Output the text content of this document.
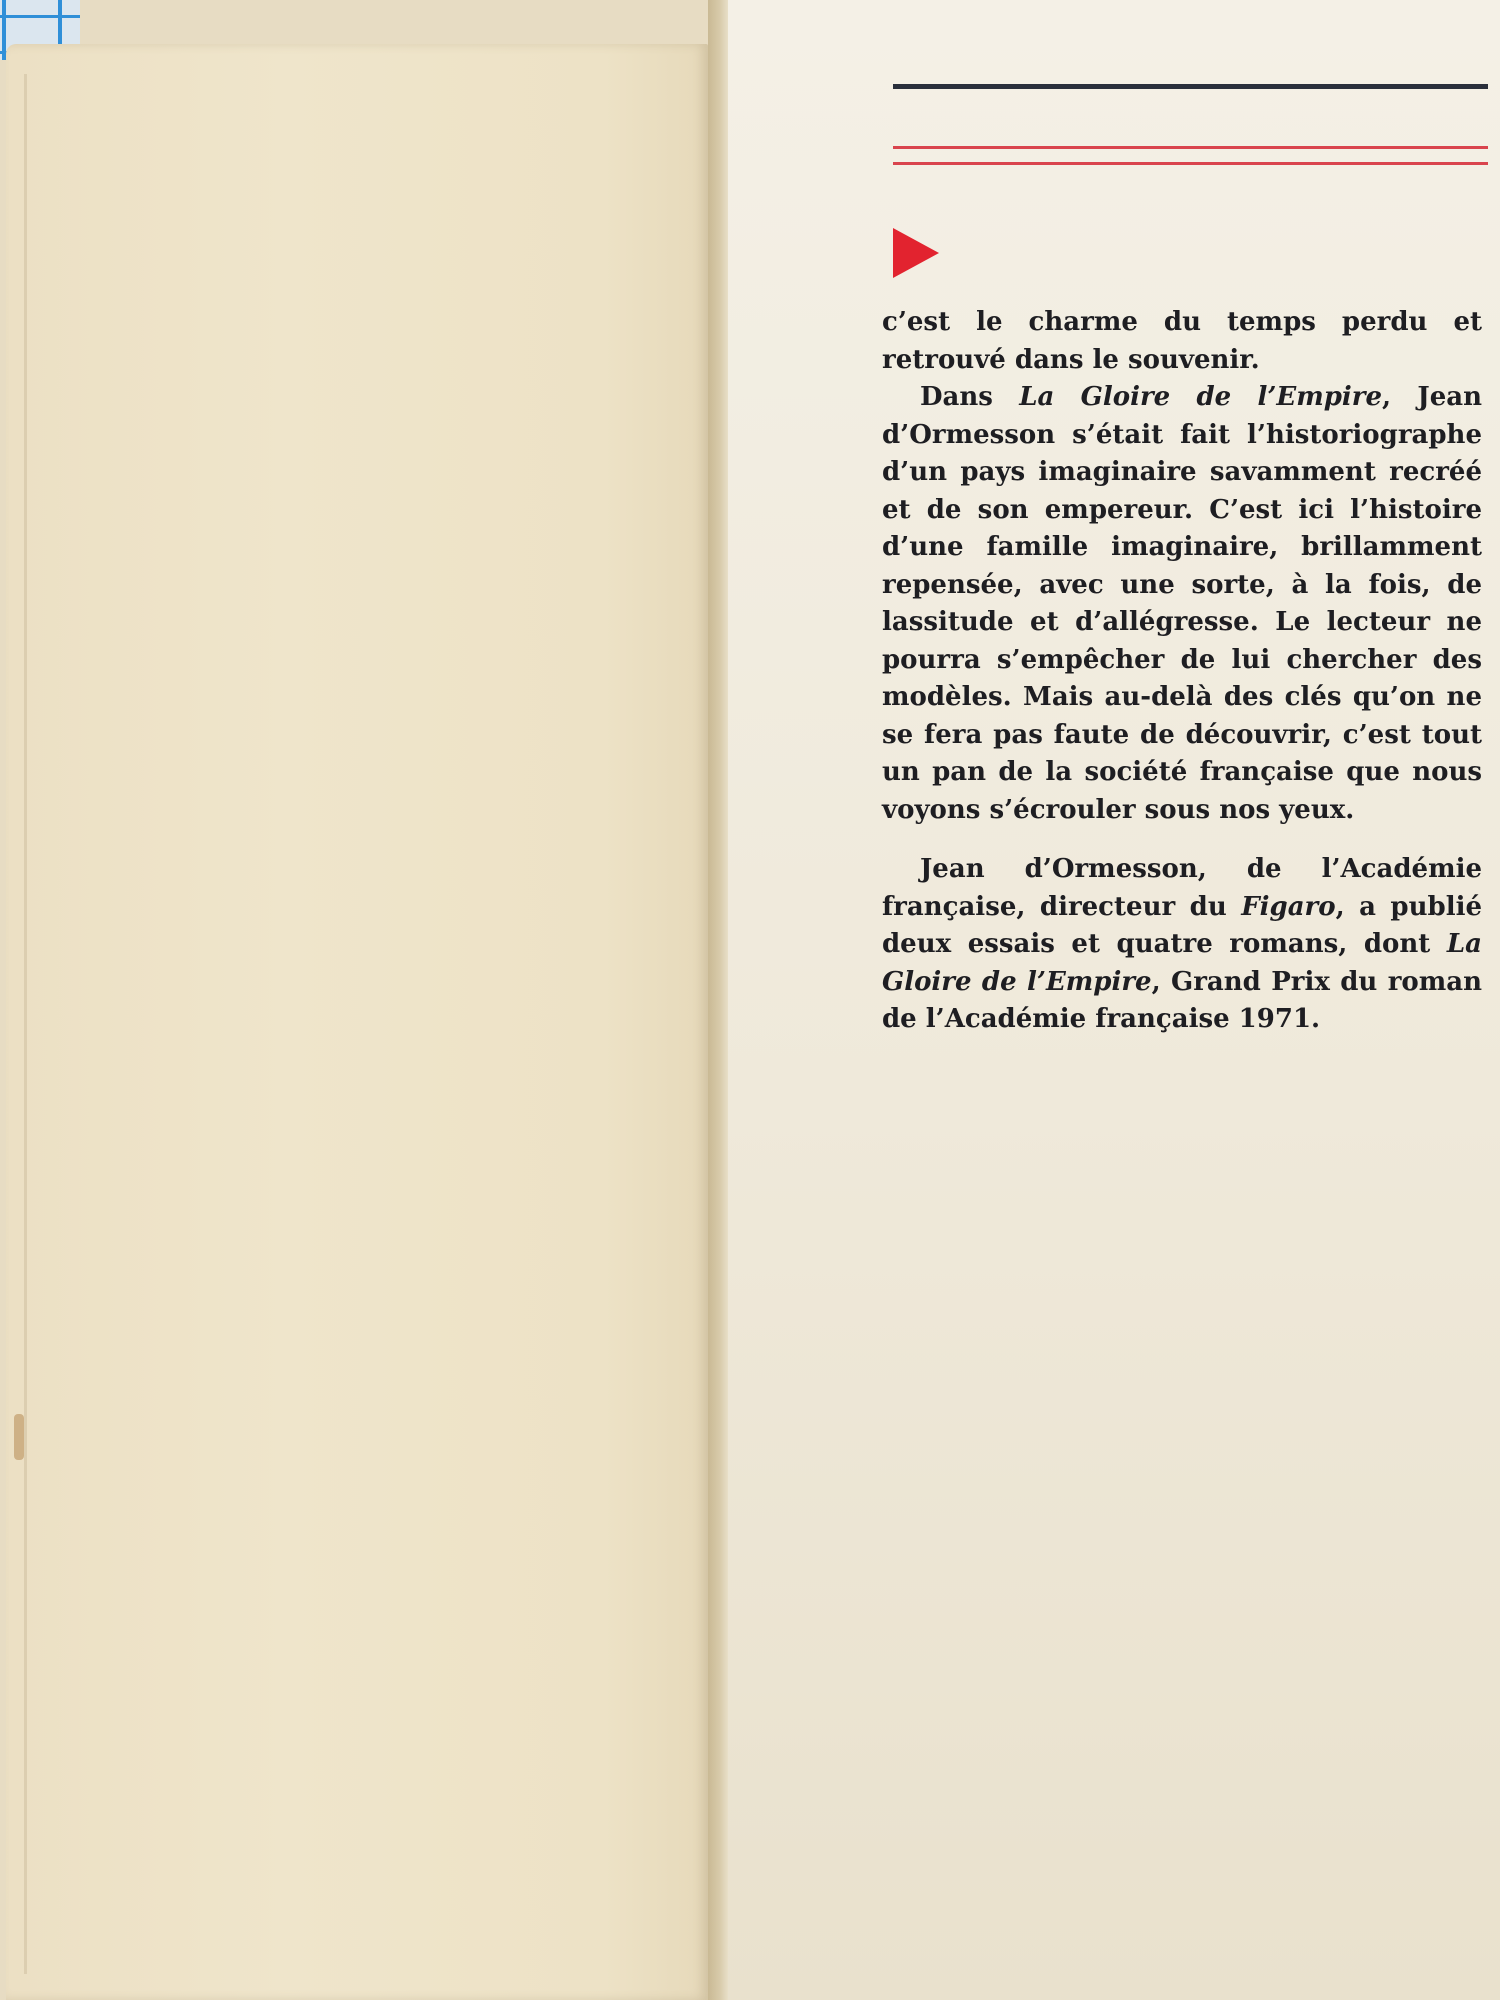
c’est le charme du temps perdu et retrouvé dans le souvenir.

Dans La Gloire de l’Empire, Jean d’Ormesson s’était fait l’historiographe d’un pays imaginaire savamment recréé et de son empereur. C’est ici l’histoire d’une famille imaginaire, brillamment repensée, avec une sorte, à la fois, de lassitude et d’allégresse. Le lecteur ne pourra s’empêcher de lui chercher des modèles. Mais au-delà des clés qu’on ne se fera pas faute de découvrir, c’est tout un pan de la société française que nous voyons s’écrouler sous nos yeux.

Jean d’Ormesson, de l’Académie française, directeur du Figaro, a publié deux essais et quatre romans, dont La Gloire de l’Empire, Grand Prix du roman de l’Académie française 1971.
